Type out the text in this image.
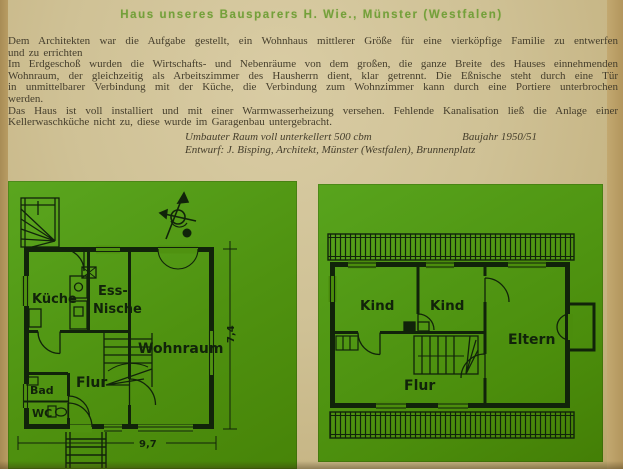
Haus unseres Bausparers H. Wie., Münster (Westfalen)
Dem Architekten war die Aufgabe gestellt, ein Wohnhaus mittlerer Größe für eine vierköpfige Familie zu entwerfen
und zu errichten
Im Erdgeschoß wurden die Wirtschafts- und Nebenräume von dem großen, die ganze Breite des Hauses einnehmenden
Wohnraum, der gleichzeitig als Arbeitszimmer des Hausherrn dient, klar getrennt. Die Eßnische steht durch eine Tür
in unmittelbarer Verbindung mit der Küche, die Verbindung zum Wohnzimmer kann durch eine Portiere unterbrochen
werden.
Das Haus ist voll installiert und mit einer Warmwasserheizung versehen. Fehlende Kanalisation ließ die Anlage einer
Kellerwaschküche nicht zu, diese wurde im Garagenbau untergebracht.
Umbauter Raum voll unterkellert 500 cbm	Baujahr 1950/51
Entwurf: J. Bisping, Architekt, Münster (Westfalen), Brunnenplatz
Küche
Ess-
Nische
Wohnraum
Flur
Bad
WC
9,7
7,4
Kind	Kind
Eltern
Flur
